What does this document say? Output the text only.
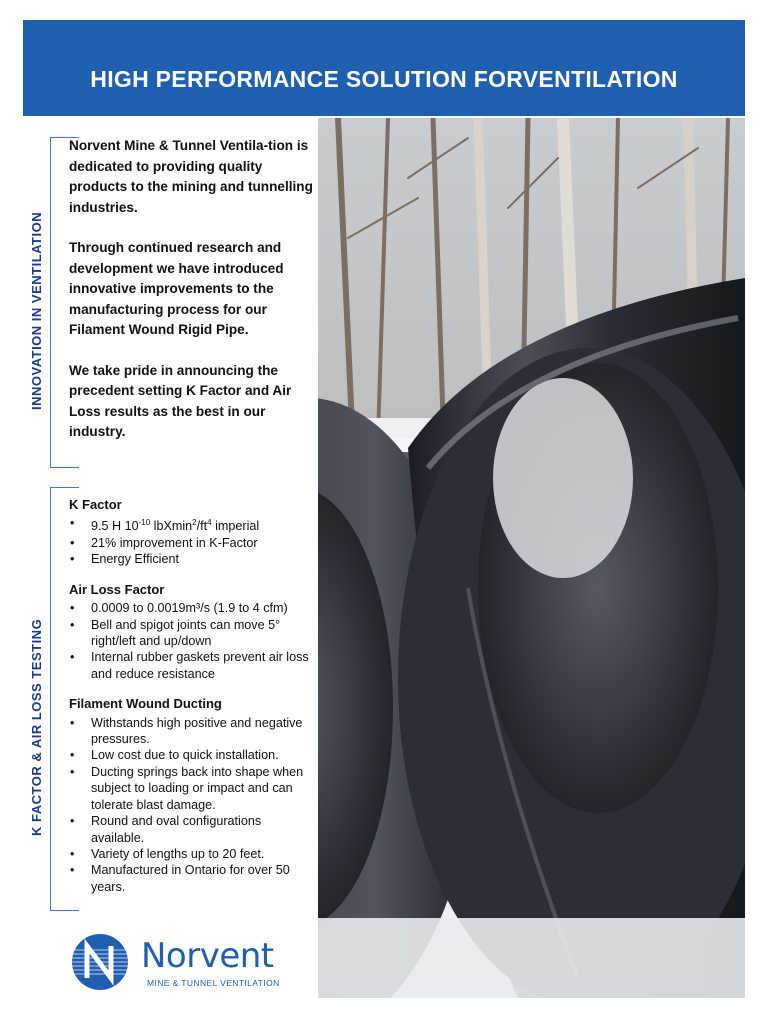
HIGH PERFORMANCE SOLUTION FORVENTILATION
INNOVATION IN VENTILATION
K FACTOR & AIR LOSS TESTING

Norvent Mine & Tunnel Ventila-tion is dedicated to providing quality products to the mining and tunnelling industries.

Through continued research and development we have introduced innovative improvements to the manufacturing process for our Filament Wound Rigid Pipe.

We take pride in announcing the precedent setting K Factor and Air Loss results as the best in our industry.

K Factor
• 9.5 H $10^{-10}$ $lbXmin^2/ft^4$ imperial
• 21% improvement in K-Factor
• Energy Efficient
Air Loss Factor
• 0.0009 to 0.0019m³/s (1.9 to 4 cfm)
• Bell and spigot joints can move 5° right/left and up/down
• Internal rubber gaskets prevent air loss and reduce resistance
Filament Wound Ducting
• Withstands high positive and negative pressures.
• Low cost due to quick installation.
• Ducting springs back into shape when subject to loading or impact and can tolerate blast damage.
• Round and oval configurations available.
• Variety of lengths up to 20 feet.
• Manufactured in Ontario for over 50 years.
Norvent
MINE & TUNNEL VENTILATION
